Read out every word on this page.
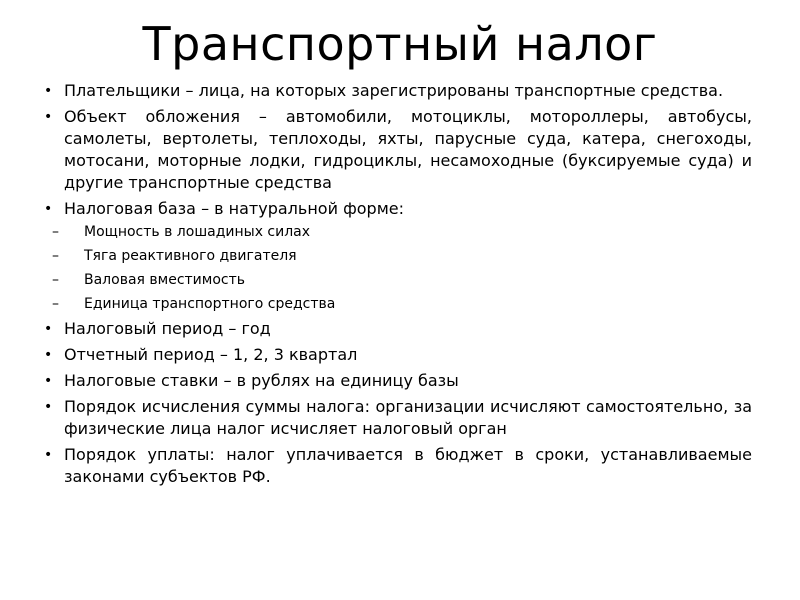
Транспортный налог
• Плательщики – лица, на которых зарегистрированы транспортные средства.
• Объект обложения – автомобили, мотоциклы, мотороллеры, автобусы, самолеты, вертолеты, теплоходы, яхты, парусные суда, катера, снегоходы, мотосани, моторные лодки, гидроциклы, несамоходные (буксируемые суда) и другие транспортные средства
• Налоговая база – в натуральной форме:
– Мощность в лошадиных силах
– Тяга реактивного двигателя
– Валовая вместимость
– Единица транспортного средства
• Налоговый период – год
• Отчетный период – 1, 2, 3 квартал
• Налоговые ставки – в рублях на единицу базы
• Порядок исчисления суммы налога: организации исчисляют самостоятельно, за физические лица налог исчисляет налоговый орган
• Порядок уплаты: налог уплачивается в бюджет в сроки, устанавливаемые законами субъектов РФ.
